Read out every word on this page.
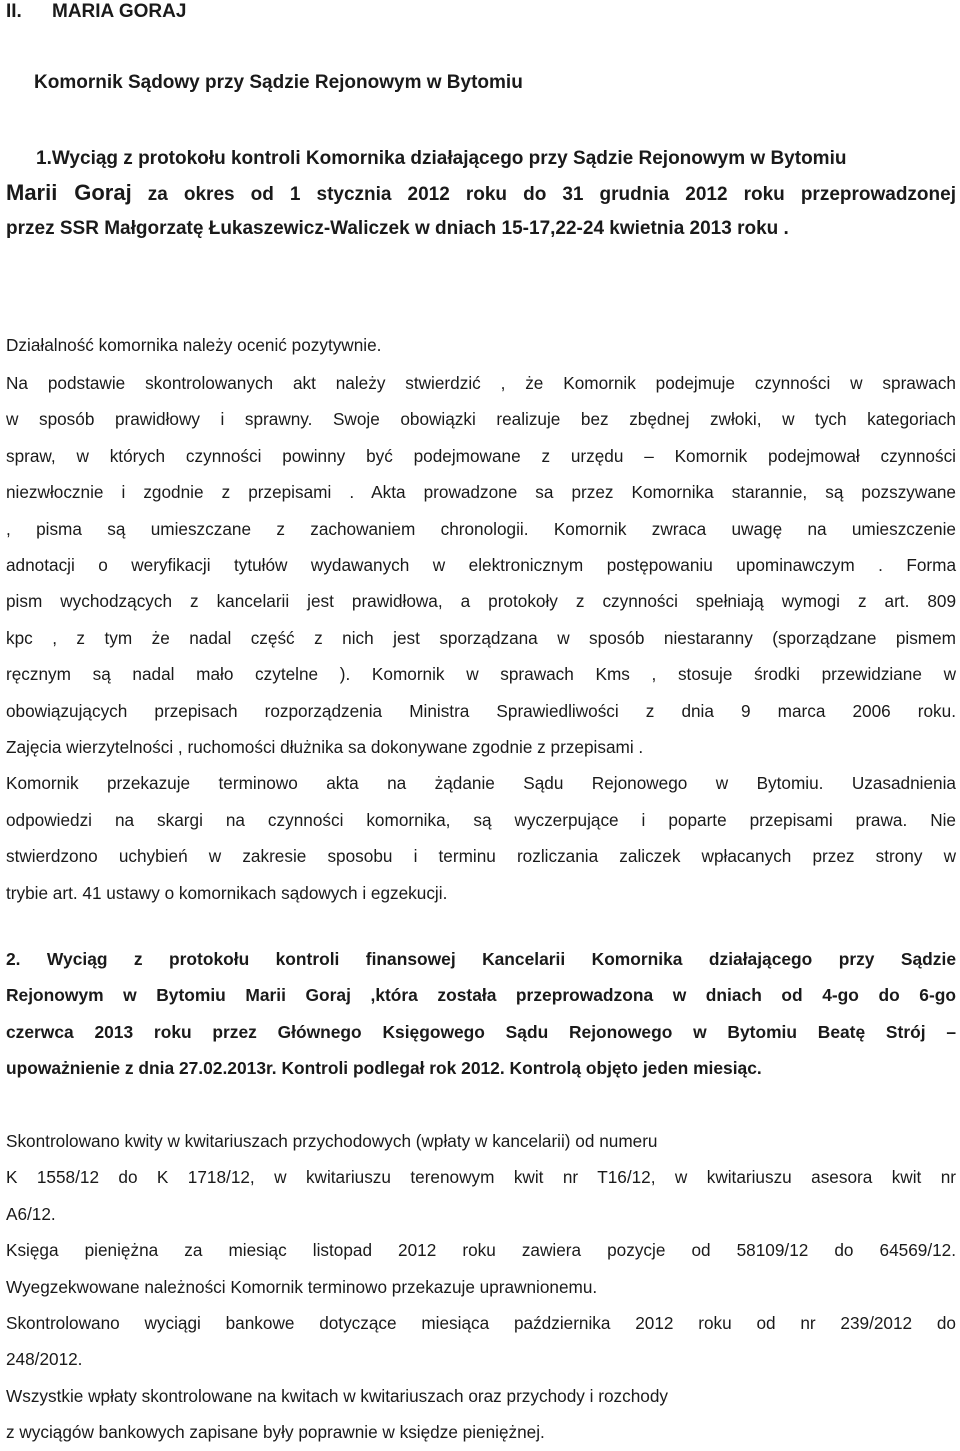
II. MARIA GORAJ
Komornik Sądowy przy Sądzie Rejonowym w Bytomiu
1.Wyciąg z protokołu kontroli Komornika działającego przy Sądzie Rejonowym w Bytomiu
Marii Goraj za okres od 1 stycznia 2012 roku do 31 grudnia 2012 roku przeprowadzonej
przez SSR Małgorzatę Łukaszewicz-Waliczek w dniach 15-17,22-24 kwietnia 2013 roku .
Działalność komornika należy ocenić pozytywnie.
Na podstawie skontrolowanych akt należy stwierdzić , że Komornik podejmuje czynności w sprawach
w sposób prawidłowy i sprawny. Swoje obowiązki realizuje bez zbędnej zwłoki, w tych kategoriach
spraw, w których czynności powinny być podejmowane z urzędu – Komornik podejmował czynności
niezwłocznie i zgodnie z przepisami . Akta prowadzone sa przez Komornika starannie, są pozszywane
, pisma są umieszczane z zachowaniem chronologii. Komornik zwraca uwagę na umieszczenie
adnotacji o weryfikacji tytułów wydawanych w elektronicznym postępowaniu upominawczym . Forma
pism wychodzących z kancelarii jest prawidłowa, a protokoły z czynności spełniają wymogi z art. 809
kpc , z tym że nadal część z nich jest sporządzana w sposób niestaranny (sporządzane pismem
ręcznym są nadal mało czytelne ). Komornik w sprawach Kms , stosuje środki przewidziane w
obowiązujących przepisach rozporządzenia Ministra Sprawiedliwości z dnia 9 marca 2006 roku.
Zajęcia wierzytelności , ruchomości dłużnika sa dokonywane zgodnie z przepisami .
Komornik przekazuje terminowo akta na żądanie Sądu Rejonowego w Bytomiu. Uzasadnienia
odpowiedzi na skargi na czynności komornika, są wyczerpujące i poparte przepisami prawa. Nie
stwierdzono uchybień w zakresie sposobu i terminu rozliczania zaliczek wpłacanych przez strony w
trybie art. 41 ustawy o komornikach sądowych i egzekucji.
2. Wyciąg z protokołu kontroli finansowej Kancelarii Komornika działającego przy Sądzie
Rejonowym w Bytomiu Marii Goraj ,która została przeprowadzona w dniach od 4-go do 6-go
czerwca 2013 roku przez Głównego Księgowego Sądu Rejonowego w Bytomiu Beatę Strój –
upoważnienie z dnia 27.02.2013r. Kontroli podlegał rok 2012. Kontrolą objęto jeden miesiąc.
Skontrolowano kwity w kwitariuszach przychodowych (wpłaty w kancelarii) od numeru
K 1558/12 do K 1718/12, w kwitariuszu terenowym kwit nr T16/12, w kwitariuszu asesora kwit nr
A6/12.
Księga pieniężna za miesiąc listopad 2012 roku zawiera pozycje od 58109/12 do 64569/12.
Wyegzekwowane należności Komornik terminowo przekazuje uprawnionemu.
Skontrolowano wyciągi bankowe dotyczące miesiąca października 2012 roku od nr 239/2012 do
248/2012.
Wszystkie wpłaty skontrolowane na kwitach w kwitariuszach oraz przychody i rozchody
z wyciągów bankowych zapisane były poprawnie w księdze pieniężnej.
